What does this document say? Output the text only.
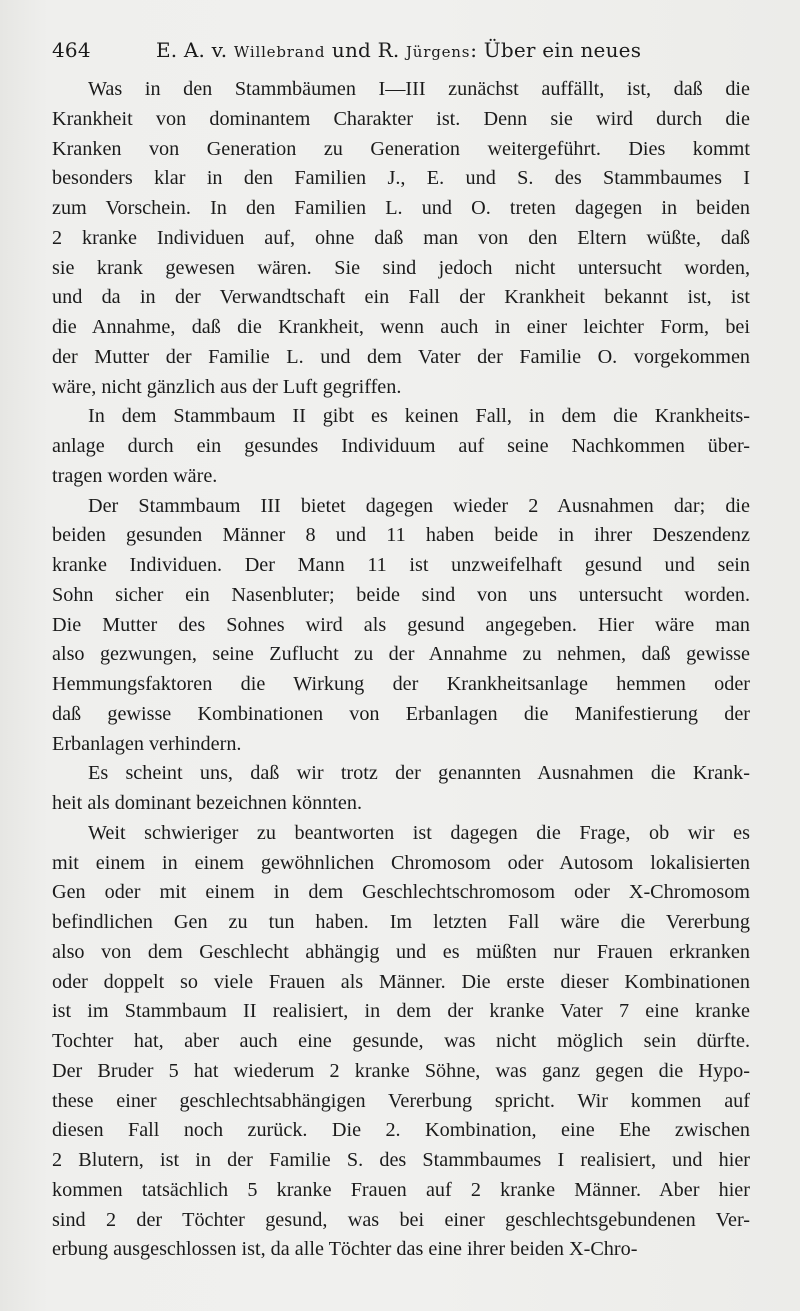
464	E. A. v. Willebrand und R. Jürgens: Über ein neues
Was in den Stammbäumen I—III zunächst auffällt, ist, daß die
Krankheit von dominantem Charakter ist. Denn sie wird durch die
Kranken von Generation zu Generation weitergeführt. Dies kommt
besonders klar in den Familien J., E. und S. des Stammbaumes I
zum Vorschein. In den Familien L. und O. treten dagegen in beiden
2 kranke Individuen auf, ohne daß man von den Eltern wüßte, daß
sie krank gewesen wären. Sie sind jedoch nicht untersucht worden,
und da in der Verwandtschaft ein Fall der Krankheit bekannt ist, ist
die Annahme, daß die Krankheit, wenn auch in einer leichter Form, bei
der Mutter der Familie L. und dem Vater der Familie O. vorgekommen
wäre, nicht gänzlich aus der Luft gegriffen.
In dem Stammbaum II gibt es keinen Fall, in dem die Krankheits-
anlage durch ein gesundes Individuum auf seine Nachkommen über-
tragen worden wäre.
Der Stammbaum III bietet dagegen wieder 2 Ausnahmen dar; die
beiden gesunden Männer 8 und 11 haben beide in ihrer Deszendenz
kranke Individuen. Der Mann 11 ist unzweifelhaft gesund und sein
Sohn sicher ein Nasenbluter; beide sind von uns untersucht worden.
Die Mutter des Sohnes wird als gesund angegeben. Hier wäre man
also gezwungen, seine Zuflucht zu der Annahme zu nehmen, daß gewisse
Hemmungsfaktoren die Wirkung der Krankheitsanlage hemmen oder
daß gewisse Kombinationen von Erbanlagen die Manifestierung der
Erbanlagen verhindern.
Es scheint uns, daß wir trotz der genannten Ausnahmen die Krank-
heit als dominant bezeichnen könnten.
Weit schwieriger zu beantworten ist dagegen die Frage, ob wir es
mit einem in einem gewöhnlichen Chromosom oder Autosom lokalisierten
Gen oder mit einem in dem Geschlechtschromosom oder X-Chromosom
befindlichen Gen zu tun haben. Im letzten Fall wäre die Vererbung
also von dem Geschlecht abhängig und es müßten nur Frauen erkranken
oder doppelt so viele Frauen als Männer. Die erste dieser Kombinationen
ist im Stammbaum II realisiert, in dem der kranke Vater 7 eine kranke
Tochter hat, aber auch eine gesunde, was nicht möglich sein dürfte.
Der Bruder 5 hat wiederum 2 kranke Söhne, was ganz gegen die Hypo-
these einer geschlechtsabhängigen Vererbung spricht. Wir kommen auf
diesen Fall noch zurück. Die 2. Kombination, eine Ehe zwischen
2 Blutern, ist in der Familie S. des Stammbaumes I realisiert, und hier
kommen tatsächlich 5 kranke Frauen auf 2 kranke Männer. Aber hier
sind 2 der Töchter gesund, was bei einer geschlechtsgebundenen Ver-
erbung ausgeschlossen ist, da alle Töchter das eine ihrer beiden X-Chro-
